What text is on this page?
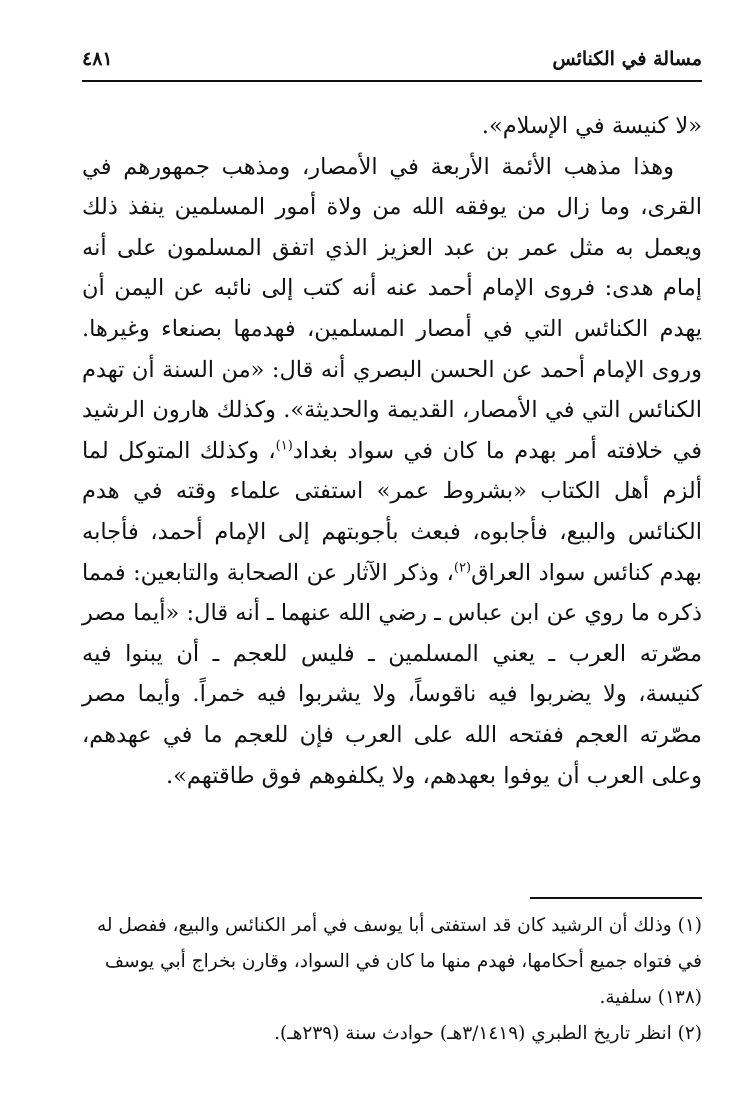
مسالة في الكنائس
٤٨١

«لا كنيسة في الإسلام».

وهذا مذهب الأئمة الأربعة في الأمصار، ومذهب جمهورهم في القرى، وما زال من يوفقه الله من ولاة أمور المسلمين ينفذ ذلك ويعمل به مثل عمر بن عبد العزيز الذي اتفق المسلمون على أنه إمام هدى: فروى الإمام أحمد عنه أنه كتب إلى نائبه عن اليمن أن يهدم الكنائس التي في أمصار المسلمين، فهدمها بصنعاء وغيرها. وروى الإمام أحمد عن الحسن البصري أنه قال: «من السنة أن تهدم الكنائس التي في الأمصار، القديمة والحديثة». وكذلك هارون الرشيد في خلافته أمر بهدم ما كان في سواد بغداد$^{(١)}$، وكذلك المتوكل لما ألزم أهل الكتاب «بشروط عمر» استفتى علماء وقته في هدم الكنائس والبيع، فأجابوه، فبعث بأجوبتهم إلى الإمام أحمد، فأجابه بهدم كنائس سواد العراق$^{(٢)}$، وذكر الآثار عن الصحابة والتابعين: فمما ذكره ما روي عن ابن عباس ـ رضي الله عنهما ـ أنه قال: «أيما مصر مصّرته العرب ـ يعني المسلمين ـ فليس للعجم ـ أن يبنوا فيه كنيسة، ولا يضربوا فيه ناقوساً، ولا يشربوا فيه خمراً. وأيما مصر مصّرته العجم ففتحه الله على العرب فإن للعجم ما في عهدهم، وعلى العرب أن يوفوا بعهدهم، ولا يكلفوهم فوق طاقتهم».

(١) وذلك أن الرشيد كان قد استفتى أبا يوسف في أمر الكنائس والبيع، ففصل له في فتواه جميع أحكامها، فهدم منها ما كان في السواد، وقارن بخراج أبي يوسف (١٣٨) سلفية.

(٢) انظر تاريخ الطبري (٣/١٤١٩هـ) حوادث سنة (٢٣٩هـ).
